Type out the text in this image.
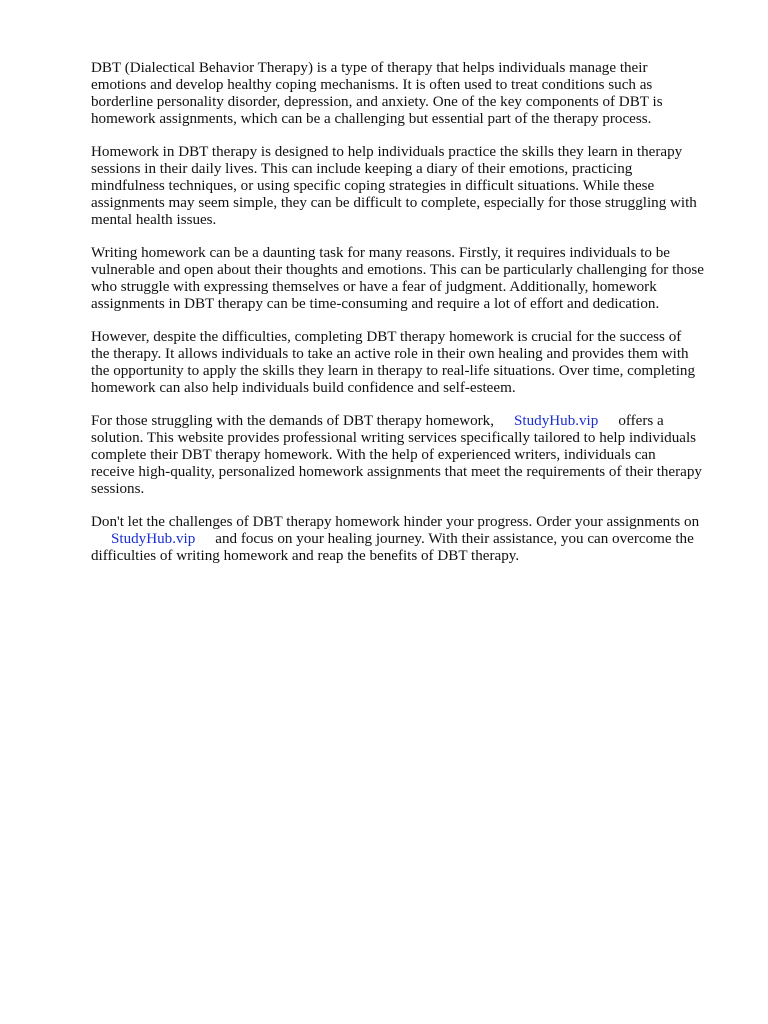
DBT (Dialectical Behavior Therapy) is a type of therapy that helps individuals manage their
emotions and develop healthy coping mechanisms. It is often used to treat conditions such as
borderline personality disorder, depression, and anxiety. One of the key components of DBT is
homework assignments, which can be a challenging but essential part of the therapy process.

Homework in DBT therapy is designed to help individuals practice the skills they learn in therapy
sessions in their daily lives. This can include keeping a diary of their emotions, practicing
mindfulness techniques, or using specific coping strategies in difficult situations. While these
assignments may seem simple, they can be difficult to complete, especially for those struggling with
mental health issues.

Writing homework can be a daunting task for many reasons. Firstly, it requires individuals to be
vulnerable and open about their thoughts and emotions. This can be particularly challenging for those
who struggle with expressing themselves or have a fear of judgment. Additionally, homework
assignments in DBT therapy can be time-consuming and require a lot of effort and dedication.

However, despite the difficulties, completing DBT therapy homework is crucial for the success of
the therapy. It allows individuals to take an active role in their own healing and provides them with
the opportunity to apply the skills they learn in therapy to real-life situations. Over time, completing
homework can also help individuals build confidence and self-esteem.

For those struggling with the demands of DBT therapy homework, StudyHub.vip offers a
solution. This website provides professional writing services specifically tailored to help individuals
complete their DBT therapy homework. With the help of experienced writers, individuals can
receive high-quality, personalized homework assignments that meet the requirements of their therapy
sessions.

Don't let the challenges of DBT therapy homework hinder your progress. Order your assignments on
StudyHub.vip and focus on your healing journey. With their assistance, you can overcome the
difficulties of writing homework and reap the benefits of DBT therapy.
